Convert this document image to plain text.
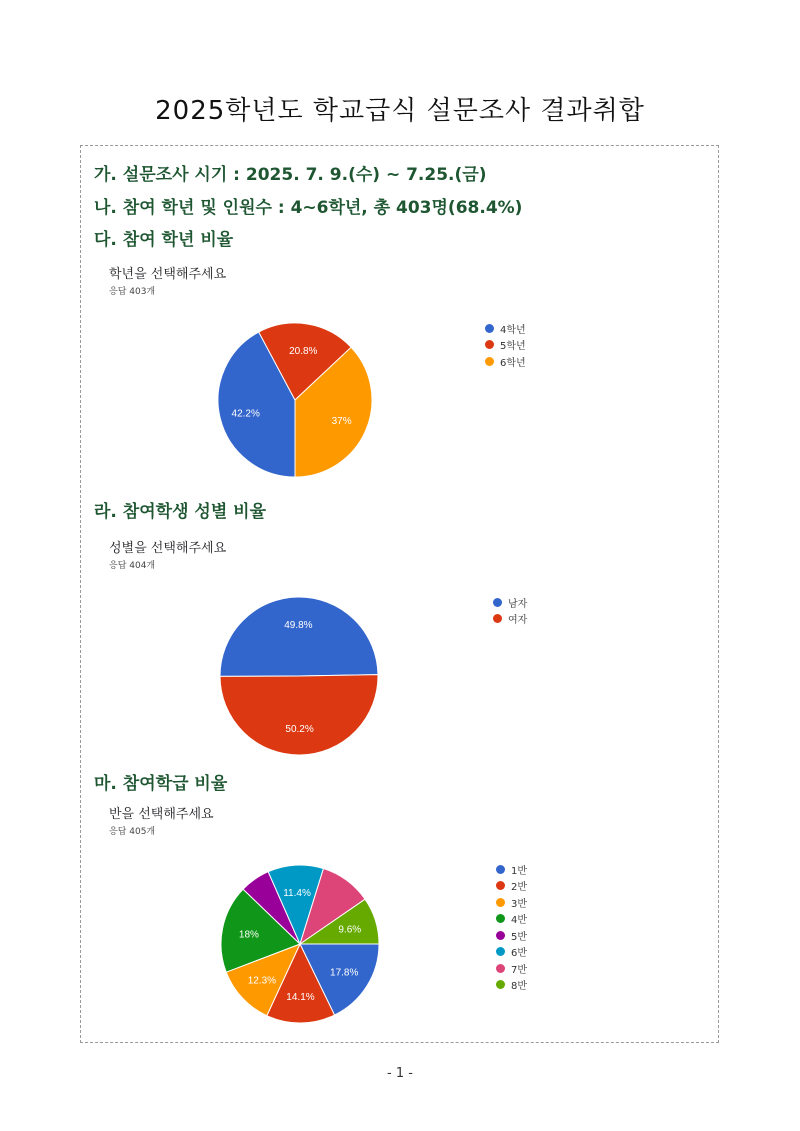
2025학년도 학교급식 설문조사 결과취합
가. 설문조사 시기 : 2025. 7. 9.(수) ~ 7.25.(금)
나. 참여 학년 및 인원수 : 4~6학년, 총 403명(68.4%)
다. 참여 학년 비율
학년을 선택해주세요
응답 403개
라. 참여학생 성별 비율
성별을 선택해주세요
응답 404개
마. 참여학급 비율
반을 선택해주세요
응답 405개
42.2%
20.8%
37%
49.8%
50.2%
17.8%
14.1%
12.3%
18%
11.4%
9.6%
4학년
5학년
6학년
남자
여자
1반
2반
3반
4반
5반
6반
7반
8반
- 1 -
